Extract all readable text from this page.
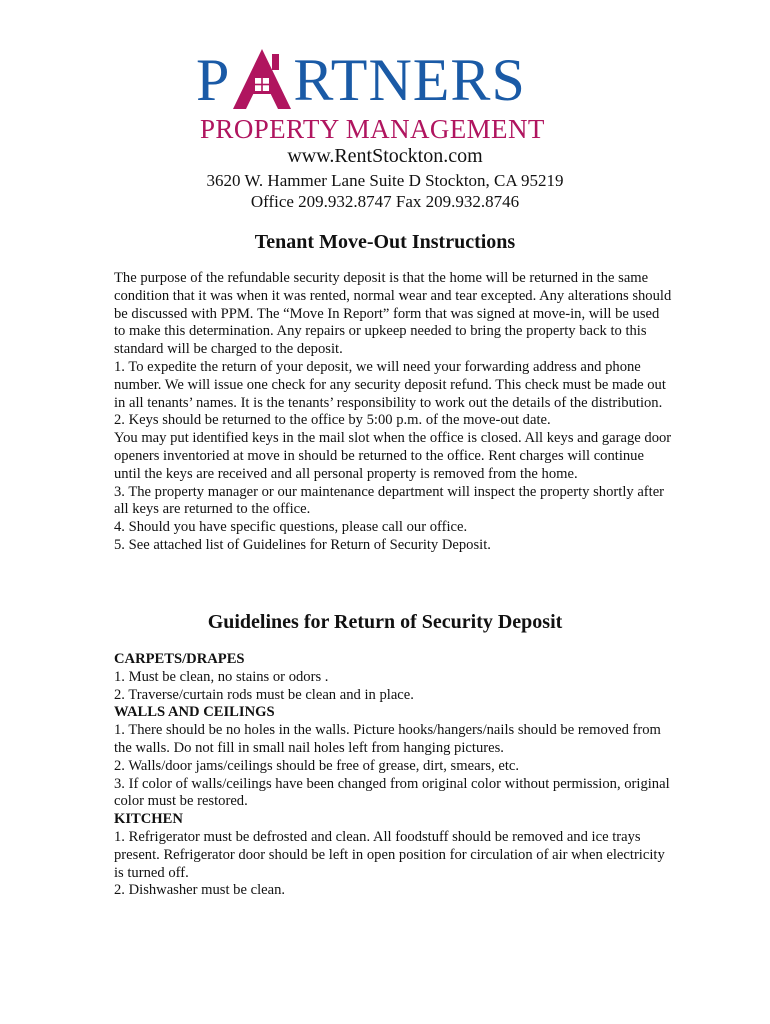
P RTNERS
PROPERTY MANAGEMENT
www.RentStockton.com
3620 W. Hammer Lane Suite D Stockton, CA 95219
Office 209.932.8747 Fax 209.932.8746
Tenant Move-Out Instructions

The purpose of the refundable security deposit is that the home will be returned in the same condition that it was when it was rented, normal wear and tear excepted. Any alterations should be discussed with PPM. The “Move In Report” form that was signed at move-in, will be used to make this determination. Any repairs or upkeep needed to bring the property back to this standard will be charged to the deposit.

1. To expedite the return of your deposit, we will need your forwarding address and phone number. We will issue one check for any security deposit refund. This check must be made out in all tenants’ names. It is the tenants’ responsibility to work out the details of the distribution.

2. Keys should be returned to the office by 5:00 p.m. of the move-out date.

You may put identified keys in the mail slot when the office is closed. All keys and garage door openers inventoried at move in should be returned to the office. Rent charges will continue until the keys are received and all personal property is removed from the home.

3. The property manager or our maintenance department will inspect the property shortly after all keys are returned to the office.

4. Should you have specific questions, please call our office.

5. See attached list of Guidelines for Return of Security Deposit.

Guidelines for Return of Security Deposit

CARPETS/DRAPES

1. Must be clean, no stains or odors .

2. Traverse/curtain rods must be clean and in place.

WALLS AND CEILINGS

1. There should be no holes in the walls. Picture hooks/hangers/nails should be removed from the walls. Do not fill in small nail holes left from hanging pictures.

2. Walls/door jams/ceilings should be free of grease, dirt, smears, etc.

3. If color of walls/ceilings have been changed from original color without permission, original color must be restored.

KITCHEN

1. Refrigerator must be defrosted and clean. All foodstuff should be removed and ice trays present. Refrigerator door should be left in open position for circulation of air when electricity is turned off.

2. Dishwasher must be clean.
